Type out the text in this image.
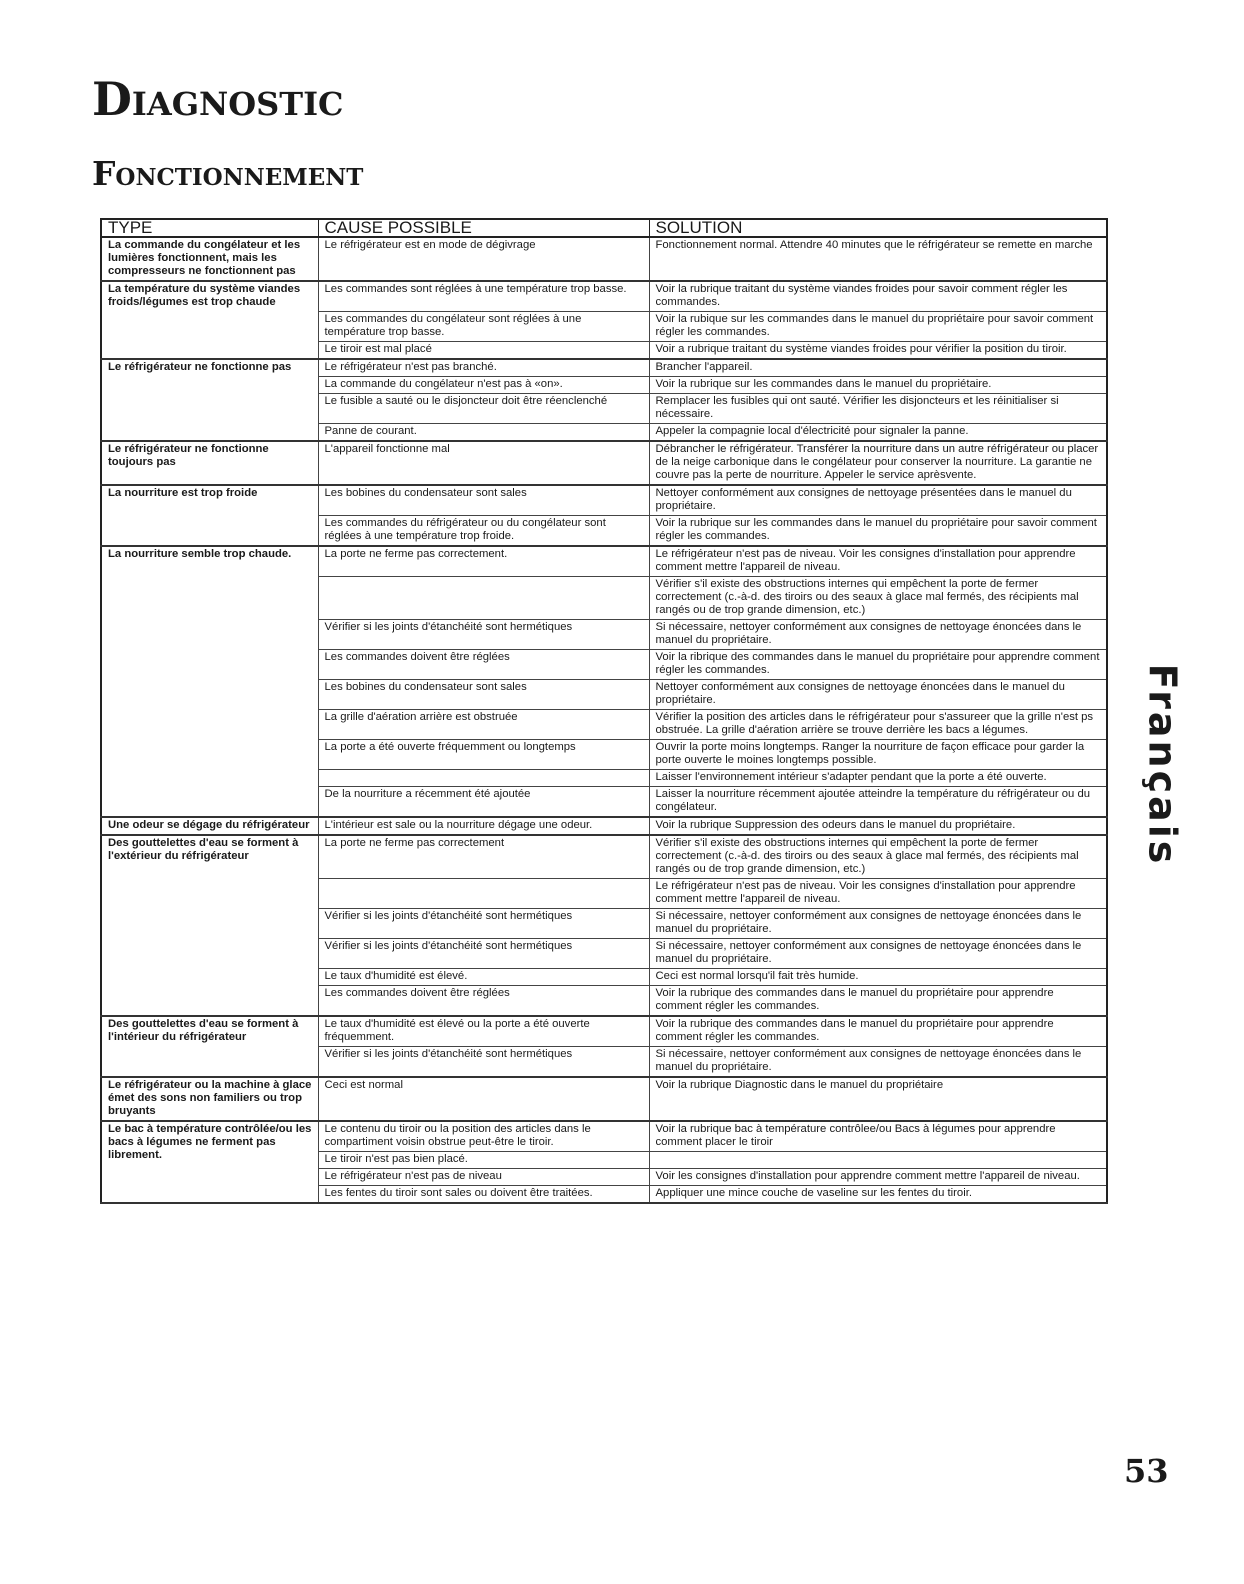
Diagnostic
Fonctionnement
TYPE	CAUSE POSSIBLE	SOLUTION
La commande du congélateur et les lumières fonctionnent, mais les compresseurs ne fonctionnent pas	Le réfrigérateur est en mode de dégivrage	Fonctionnement normal. Attendre 40 minutes que le réfrigérateur se remette en marche
La température du système viandes froids/légumes est trop chaude	Les commandes sont réglées à une température trop basse.	Voir la rubrique traitant du système viandes froides pour savoir comment régler les commandes.
	Les commandes du congélateur sont réglées à une température trop basse.	Voir la rubique sur les commandes dans le manuel du propriétaire pour savoir comment régler les commandes.
	Le tiroir est mal placé	Voir a rubrique traitant du système viandes froides pour vérifier la position du tiroir.
Le réfrigérateur ne fonctionne pas	Le réfrigérateur n'est pas branché.	Brancher l'appareil.
	La commande du congélateur n'est pas à «on».	Voir la rubrique sur les commandes dans le manuel du propriétaire.
	Le fusible a sauté ou le disjoncteur doit être réenclenché	Remplacer les fusibles qui ont sauté. Vérifier les disjoncteurs et les réinitialiser si nécessaire.
	Panne de courant.	Appeler la compagnie local d'électricité pour signaler la panne.
Le réfrigérateur ne fonctionne toujours pas	L'appareil fonctionne mal	Débrancher le réfrigérateur. Transférer la nourriture dans un autre réfrigérateur ou placer de la neige carbonique dans le congélateur pour conserver la nourriture. La garantie ne couvre pas la perte de nourriture. Appeler le service aprèsvente.
La nourriture est trop froide	Les bobines du condensateur sont sales	Nettoyer conformément aux consignes de nettoyage présentées dans le manuel du propriétaire.
	Les commandes du réfrigérateur ou du congélateur sont réglées à une température trop froide.	Voir la rubrique sur les commandes dans le manuel du propriétaire pour savoir comment régler les commandes.
La nourriture semble trop chaude.	La porte ne ferme pas correctement.	Le réfrigérateur n'est pas de niveau. Voir les consignes d'installation pour apprendre comment mettre l'appareil de niveau.
		Vérifier s'il existe des obstructions internes qui empêchent la porte de fermer correctement (c.-à-d. des tiroirs ou des seaux à glace mal fermés, des récipients mal rangés ou de trop grande dimension, etc.)
	Vérifier si les joints d'étanchéité sont hermétiques	Si nécessaire, nettoyer conformément aux consignes de nettoyage énoncées dans le manuel du propriétaire.
	Les commandes doivent être réglées	Voir la ribrique des commandes dans le manuel du propriétaire pour apprendre comment régler les commandes.
	Les bobines du condensateur sont sales	Nettoyer conformément aux consignes de nettoyage énoncées dans le manuel du propriétaire.
	La grille d'aération arrière est obstruée	Vérifier la position des articles dans le réfrigérateur pour s'assureer que la grille n'est ps obstruée. La grille d'aération arrière se trouve derrière les bacs a légumes.
	La porte a été ouverte fréquemment ou longtemps	Ouvrir la porte moins longtemps. Ranger la nourriture de façon efficace pour garder la porte ouverte le moines longtemps possible.
		Laisser l'environnement intérieur s'adapter pendant que la porte a été ouverte.
	De la nourriture a récemment été ajoutée	Laisser la nourriture récemment ajoutée atteindre la température du réfrigérateur ou du congélateur.
Une odeur se dégage du réfrigérateur	L'intérieur est sale ou la nourriture dégage une odeur.	Voir la rubrique Suppression des odeurs dans le manuel du propriétaire.
Des gouttelettes d'eau se forment à l'extérieur du réfrigérateur	La porte ne ferme pas correctement	Vérifier s'il existe des obstructions internes qui empêchent la porte de fermer correctement (c.-à-d. des tiroirs ou des seaux à glace mal fermés, des récipients mal rangés ou de trop grande dimension, etc.)
		Le réfrigérateur n'est pas de niveau. Voir les consignes d'installation pour apprendre comment mettre l'appareil de niveau.
	Vérifier si les joints d'étanchéité sont hermétiques	Si nécessaire, nettoyer conformément aux consignes de nettoyage énoncées dans le manuel du propriétaire.
	Vérifier si les joints d'étanchéité sont hermétiques	Si nécessaire, nettoyer conformément aux consignes de nettoyage énoncées dans le manuel du propriétaire.
	Le taux d'humidité est élevé.	Ceci est normal lorsqu'il fait très humide.
	Les commandes doivent être réglées	Voir la rubrique des commandes dans le manuel du propriétaire pour apprendre comment régler les commandes.
Des gouttelettes d'eau se forment à l'intérieur du réfrigérateur	Le taux d'humidité est élevé ou la porte a été ouverte fréquemment.	Voir la rubrique des commandes dans le manuel du propriétaire pour apprendre comment régler les commandes.
	Vérifier si les joints d'étanchéité sont hermétiques	Si nécessaire, nettoyer conformément aux consignes de nettoyage énoncées dans le manuel du propriétaire.
Le réfrigérateur ou la machine à glace émet des sons non familiers ou trop bruyants	Ceci est normal	Voir la rubrique Diagnostic dans le manuel du propriétaire
Le bac à température contrôlée/ou les bacs à légumes ne ferment pas librement.	Le contenu du tiroir ou la position des articles dans le compartiment voisin obstrue peut-être le tiroir.	Voir la rubrique bac à température contrôlee/ou Bacs à légumes pour apprendre comment placer le tiroir
	Le tiroir n'est pas bien placé.	
	Le réfrigérateur n'est pas de niveau	Voir les consignes d'installation pour apprendre comment mettre l'appareil de niveau.
	Les fentes du tiroir sont sales ou doivent être traitées.	Appliquer une mince couche de vaseline sur les fentes du tiroir.
Français
53
